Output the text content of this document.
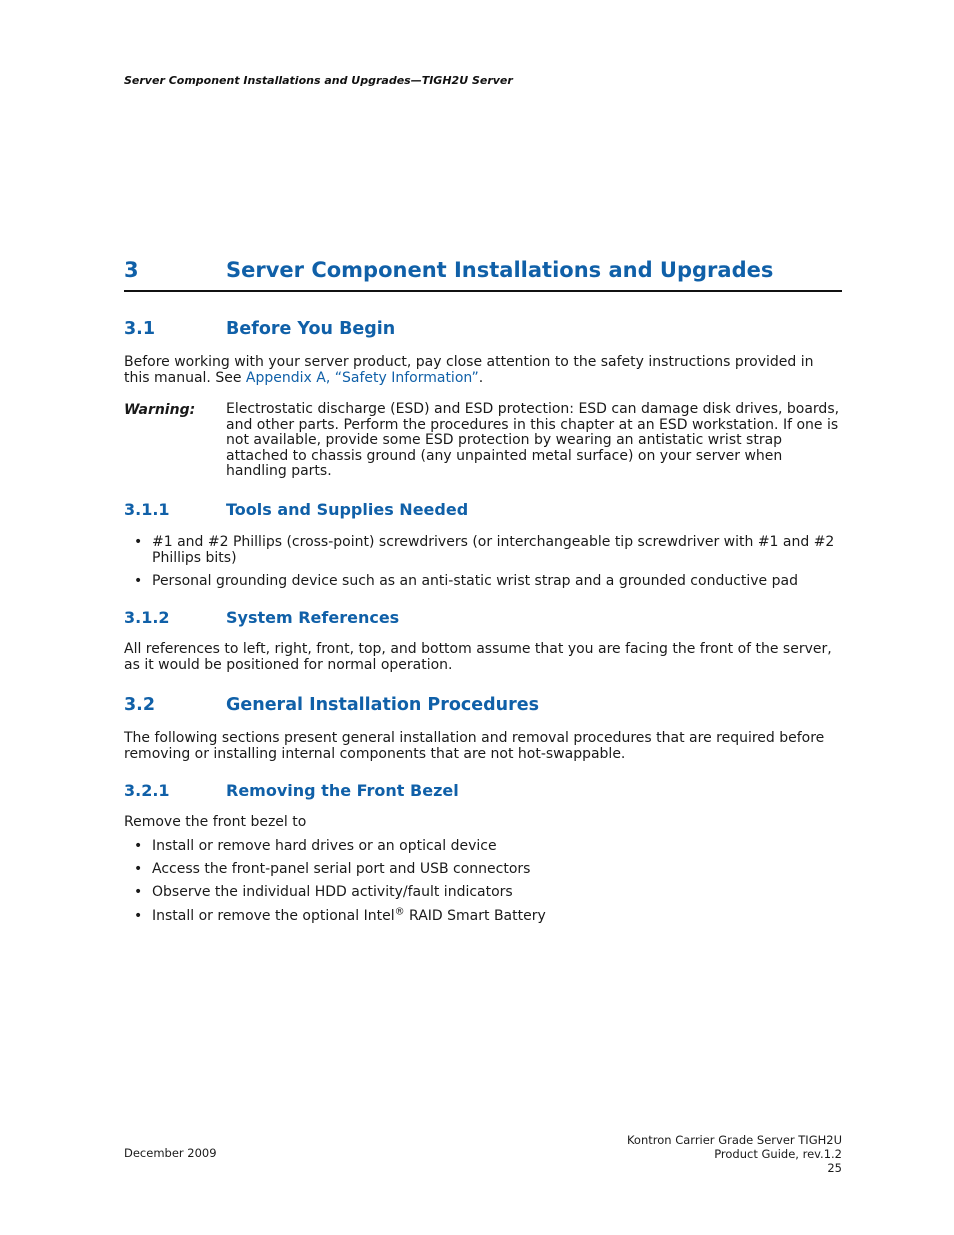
Server Component Installations and Upgrades—TIGH2U Server
3	Server Component Installations and Upgrades
3.1	Before You Begin
Before working with your server product, pay close attention to the safety instructions provided in this manual. See Appendix A, “Safety Information”.
Warning: Electrostatic discharge (ESD) and ESD protection: ESD can damage disk drives, boards, and other parts. Perform the procedures in this chapter at an ESD workstation. If one is not available, provide some ESD protection by wearing an antistatic wrist strap attached to chassis ground (any unpainted metal surface) on your server when handling parts.
3.1.1	Tools and Supplies Needed
• #1 and #2 Phillips (cross-point) screwdrivers (or interchangeable tip screwdriver with #1 and #2 Phillips bits)
• Personal grounding device such as an anti-static wrist strap and a grounded conductive pad
3.1.2	System References
All references to left, right, front, top, and bottom assume that you are facing the front of the server, as it would be positioned for normal operation.
3.2	General Installation Procedures
The following sections present general installation and removal procedures that are required before removing or installing internal components that are not hot-swappable.
3.2.1	Removing the Front Bezel
Remove the front bezel to
• Install or remove hard drives or an optical device
• Access the front-panel serial port and USB connectors
• Observe the individual HDD activity/fault indicators
• Install or remove the optional Intel® RAID Smart Battery
December 2009
Kontron Carrier Grade Server TIGH2U
Product Guide, rev.1.2
25
